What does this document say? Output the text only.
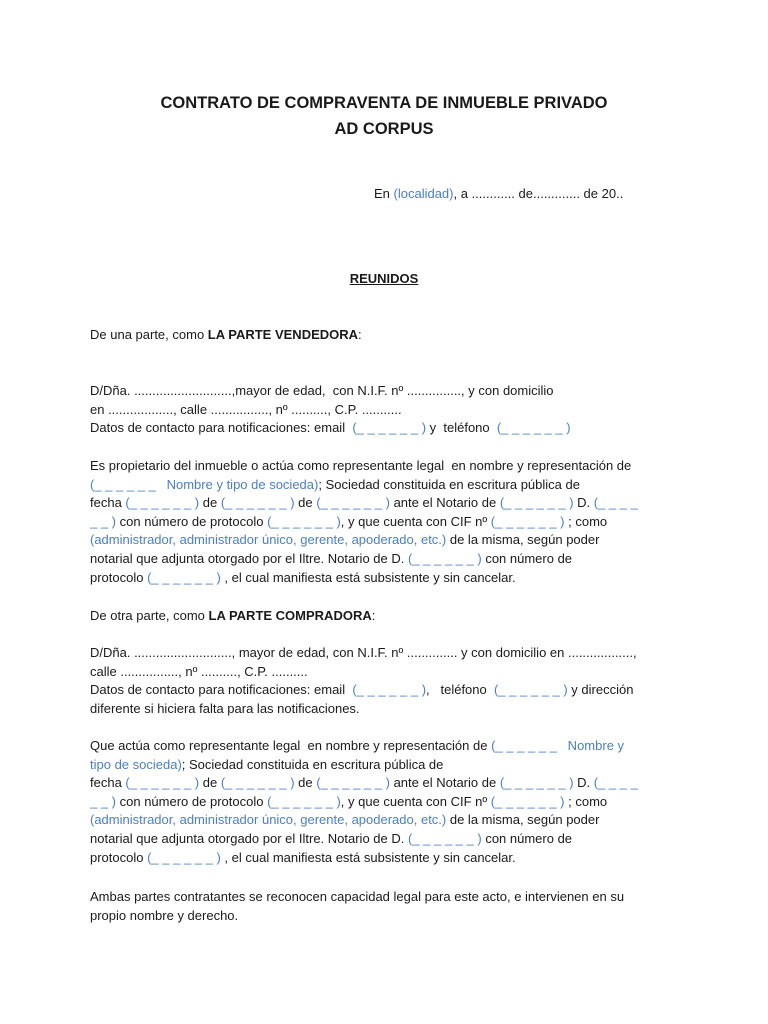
CONTRATO DE COMPRAVENTA DE INMUEBLE PRIVADO
AD CORPUS
En (localidad), a ............ de............. de 20..
REUNIDOS
De una parte, como LA PARTE VENDEDORA:
D/Dña. ...........................,mayor de edad,  con N.I.F. nº ..............., y con domicilio
en .................., calle ................, nº .........., C.P. ...........
Datos de contacto para notificaciones: email  (_ _ _ _ _ _ ) y  teléfono  (_ _ _ _ _ _ )
Es propietario del inmueble o actúa como representante legal  en nombre y representación de
(_ _ _ _ _ _   Nombre y tipo de socieda); Sociedad constituida en escritura pública de
fecha (_ _ _ _ _ _ ) de (_ _ _ _ _ _ ) de (_ _ _ _ _ _ ) ante el Notario de (_ _ _ _ _ _ ) D. (_ _ _ _
_ _ ) con número de protocolo (_ _ _ _ _ _ ), y que cuenta con CIF nº (_ _ _ _ _ _ ) ; como
(administrador, administrador único, gerente, apoderado, etc.) de la misma, según poder
notarial que adjunta otorgado por el Iltre. Notario de D. (_ _ _ _ _ _ ) con número de
protocolo (_ _ _ _ _ _ ) , el cual manifiesta está subsistente y sin cancelar.
De otra parte, como LA PARTE COMPRADORA:
D/Dña. ..........................., mayor de edad, con N.I.F. nº .............. y con domicilio en ..................,
calle ................, nº .........., C.P. ..........
Datos de contacto para notificaciones: email  (_ _ _ _ _ _ ),   teléfono  (_ _ _ _ _ _ ) y dirección
diferente si hiciera falta para las notificaciones.
Que actúa como representante legal  en nombre y representación de (_ _ _ _ _ _   Nombre y
tipo de socieda); Sociedad constituida en escritura pública de
fecha (_ _ _ _ _ _ ) de (_ _ _ _ _ _ ) de (_ _ _ _ _ _ ) ante el Notario de (_ _ _ _ _ _ ) D. (_ _ _ _
_ _ ) con número de protocolo (_ _ _ _ _ _ ), y que cuenta con CIF nº (_ _ _ _ _ _ ) ; como
(administrador, administrador único, gerente, apoderado, etc.) de la misma, según poder
notarial que adjunta otorgado por el Iltre. Notario de D. (_ _ _ _ _ _ ) con número de
protocolo (_ _ _ _ _ _ ) , el cual manifiesta está subsistente y sin cancelar.
Ambas partes contratantes se reconocen capacidad legal para este acto, e intervienen en su
propio nombre y derecho.
